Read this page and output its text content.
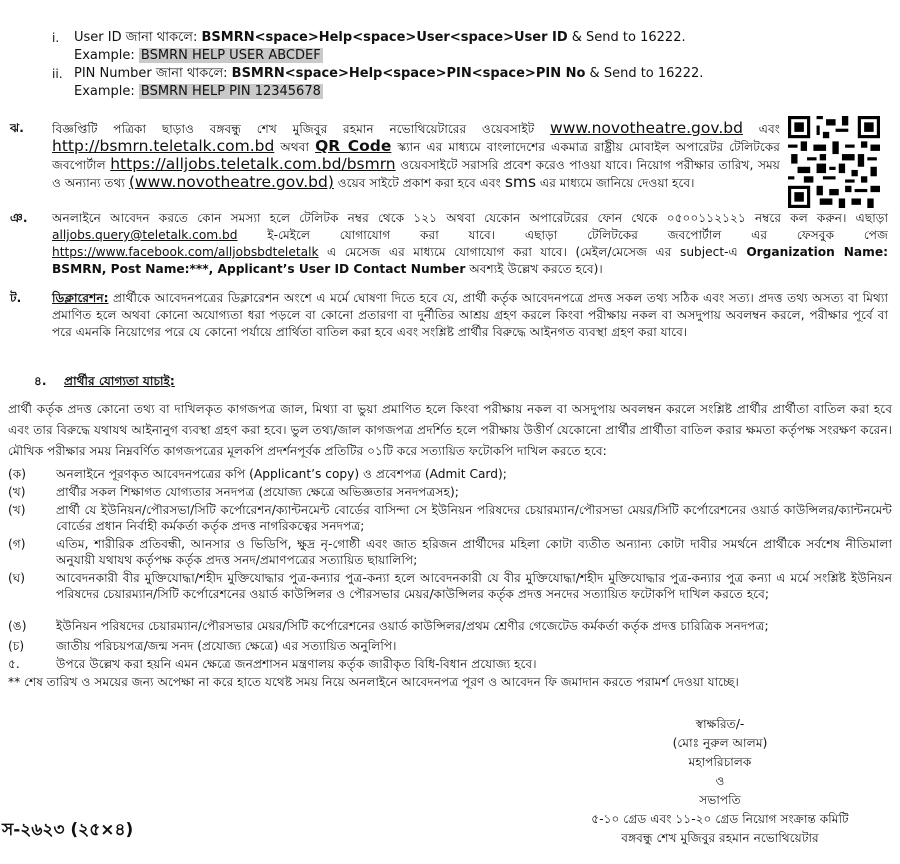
i. User ID জানা থাকলে: BSMRN<space>Help<space>User<space>User ID & Send to 16222.
Example: BSMRN HELP USER ABCDEF
ii. PIN Number জানা থাকলে: BSMRN<space>Help<space>PIN<space>PIN No & Send to 16222.
Example: BSMRN HELP PIN 12345678
ঝ. বিজ্ঞপ্তিটি পত্রিকা ছাড়াও বঙ্গবন্ধু শেখ মুজিবুর রহমান নভোথিয়েটারের ওয়েবসাইট www.novotheatre.gov.bd এবং http://bsmrn.teletalk.com.bd অথবা QR Code স্ক্যান এর মাধ্যমে বাংলাদেশের একমাত্র রাষ্ট্রীয় মোবাইল অপারেটর টেলিটকের জবপোর্টাল https://alljobs.teletalk.com.bd/bsmrn ওয়েবসাইটে সরাসরি প্রবেশ করেও পাওয়া যাবে। নিয়োগ পরীক্ষার তারিখ, সময় ও অন্যান্য তথ্য (www.novotheatre.gov.bd) ওয়েব সাইটে প্রকাশ করা হবে এবং sms এর মাধ্যমে জানিয়ে দেওয়া হবে।

ঞ. অনলাইনে আবেদন করতে কোন সমস্যা হলে টেলিটক নম্বর থেকে ১২১ অথবা যেকোন অপারেটরের ফোন থেকে ০৫০০১১২১২১ নম্বরে কল করুন। এছাড়া alljobs.query@teletalk.com.bd ই-মেইলে যোগাযোগ করা যাবে। এছাড়া টেলিটকের জবপোর্টাল এর ফেসবুক পেজ https://www.facebook.com/alljobsbdteletalk এ মেসেজ এর মাধ্যমে যোগাযোগ করা যাবে। (মেইল/মেসেজ এর subject-এ Organization Name: BSMRN, Post Name:***, Applicant’s User ID Contact Number অবশ্যই উল্লেখ করতে হবে)।

ট.	ডিক্লারেশন: প্রার্থীকে আবেদনপত্রের ডিক্লারেশন অংশে এ মর্মে ঘোষণা দিতে হবে যে, প্রার্থী কর্তৃক আবেদনপত্রে প্রদত্ত সকল তথ্য সঠিক এবং সত্য। প্রদত্ত তথ্য অসত্য বা মিথ্যা প্রমাণিত হলে অথবা কোনো অযোগ্যতা ধরা পড়লে বা কোনো প্রতারণা বা দুর্নীতির আশ্রয় গ্রহণ করলে কিংবা পরীক্ষায় নকল বা অসদুপায় অবলম্বন করলে, পরীক্ষার পূর্বে বা পরে এমনকি নিয়োগের পরে যে কোনো পর্যায়ে প্রার্থিতা বাতিল করা হবে এবং সংশ্লিষ্ট প্রার্থীর বিরুদ্ধে আইনগত ব্যবস্থা গ্রহণ করা যাবে।

৪. প্রার্থীর যোগ্যতা যাচাই:

প্রার্থী কর্তৃক প্রদত্ত কোনো তথ্য বা দাখিলকৃত কাগজপত্র জাল, মিথ্যা বা ভুয়া প্রমাণিত হলে কিংবা পরীক্ষায় নকল বা অসদুপায় অবলম্বন করলে সংশ্লিষ্ট প্রার্থীর প্রার্থীতা বাতিল করা হবে এবং তার বিরুদ্ধে যথাযথ আইনানুগ ব্যবস্থা গ্রহণ করা হবে। ভুল তথ্য/জাল কাগজপত্র প্রদর্শিত হলে পরীক্ষায় উত্তীর্ণ যেকোনো প্রার্থীর প্রার্থীতা বাতিল করার ক্ষমতা কর্তৃপক্ষ সংরক্ষণ করেন। মৌখিক পরীক্ষার সময় নিম্নবর্ণিত কাগজপত্রের মূলকপি প্রদর্শনপূর্বক প্রতিটির ০১টি করে সত্যায়িত ফটোকপি দাখিল করতে হবে:

(ক) অনলাইনে পূরণকৃত আবেদনপত্রের কপি (Applicant’s copy) ও প্রবেশপত্র (Admit Card);

(খ) প্রার্থীর সকল শিক্ষাগত যোগ্যতার সনদপত্র (প্রযোজ্য ক্ষেত্রে অভিজ্ঞতার সনদপত্রসহ);

(খ) প্রার্থী যে ইউনিয়ন/পৌরসভা/সিটি কর্পোরেশন/ক্যান্টনমেন্ট বোর্ডের বাসিন্দা সে ইউনিয়ন পরিষদের চেয়ারম্যান/পৌরসভা মেয়র/সিটি কর্পোরেশনের ওয়ার্ড কাউন্সিলর/ক্যান্টনমেন্ট বোর্ডের প্রধান নির্বাহী কর্মকর্তা কর্তৃক প্রদত্ত নাগরিকত্বের সনদপত্র;

(গ)	এতিম, শারীরিক প্রতিবন্ধী, আনসার ও ভিডিপি, ক্ষুদ্র নৃ-গোষ্ঠী এবং জাত হরিজন প্রার্থীদের মহিলা কোটা ব্যতীত অন্যান্য কোটা দাবীর সমর্থনে প্রার্থীকে সর্বশেষ নীতিমালা অনুযায়ী যথাযথ কর্তৃপক্ষ কর্তৃক প্রদত্ত সনদ/প্রমাণপত্রের সত্যায়িত ছায়ালিপি;

(ঘ)	আবেদনকারী বীর মুক্তিযোদ্ধা/শহীদ মুক্তিযোদ্ধার পুত্র-কন্যার পুত্র-কন্যা হলে আবেদনকারী যে বীর মুক্তিযোদ্ধা/শহীদ মুক্তিযোদ্ধার পুত্র-কন্যার পুত্র কন্যা এ মর্মে সংশ্লিষ্ট ইউনিয়ন পরিষদের চেয়ারম্যান/সিটি কর্পোরেশনের ওয়ার্ড কাউন্সিলর ও পৌরসভার মেয়র/কাউন্সিলর কর্তৃক প্রদত্ত সনদের সত্যায়িত ফটোকপি দাখিল করতে হবে;

(ঙ) ইউনিয়ন পরিষদের চেয়ারম্যান/পৌরসভার মেয়র/সিটি কর্পোরেশনের ওয়ার্ড কাউন্সিলর/প্রথম শ্রেণীর গেজেটেড কর্মকর্তা কর্তৃক প্রদত্ত চারিত্রিক সনদপত্র;

(চ)	জাতীয় পরিচয়পত্র/জন্ম সনদ (প্রযোজ্য ক্ষেত্রে) এর সত্যায়িত অনুলিপি।

৫.	উপরে উল্লেখ করা হয়নি এমন ক্ষেত্রে জনপ্রশাসন মন্ত্রণালয় কর্তৃক জারীকৃত বিধি-বিধান প্রযোজ্য হবে।

** শেষ তারিখ ও সময়ের জন্য অপেক্ষা না করে হাতে যথেষ্ট সময় নিয়ে অনলাইনে আবেদনপত্র পূরণ ও আবেদন ফি জমাদান করতে পরামর্শ দেওয়া যাচ্ছে।

স্বাক্ষরিত/-
(মোঃ নুরুল আলম)
মহাপরিচালক
ও
সভাপতি
৫-১০ গ্রেড এবং ১১-২০ গ্রেড নিয়োগ সংক্রান্ত কমিটি
বঙ্গবন্ধু শেখ মুজিবুর রহমান নভোথিয়েটার
স-২৬২৩ (২৫×৪)
